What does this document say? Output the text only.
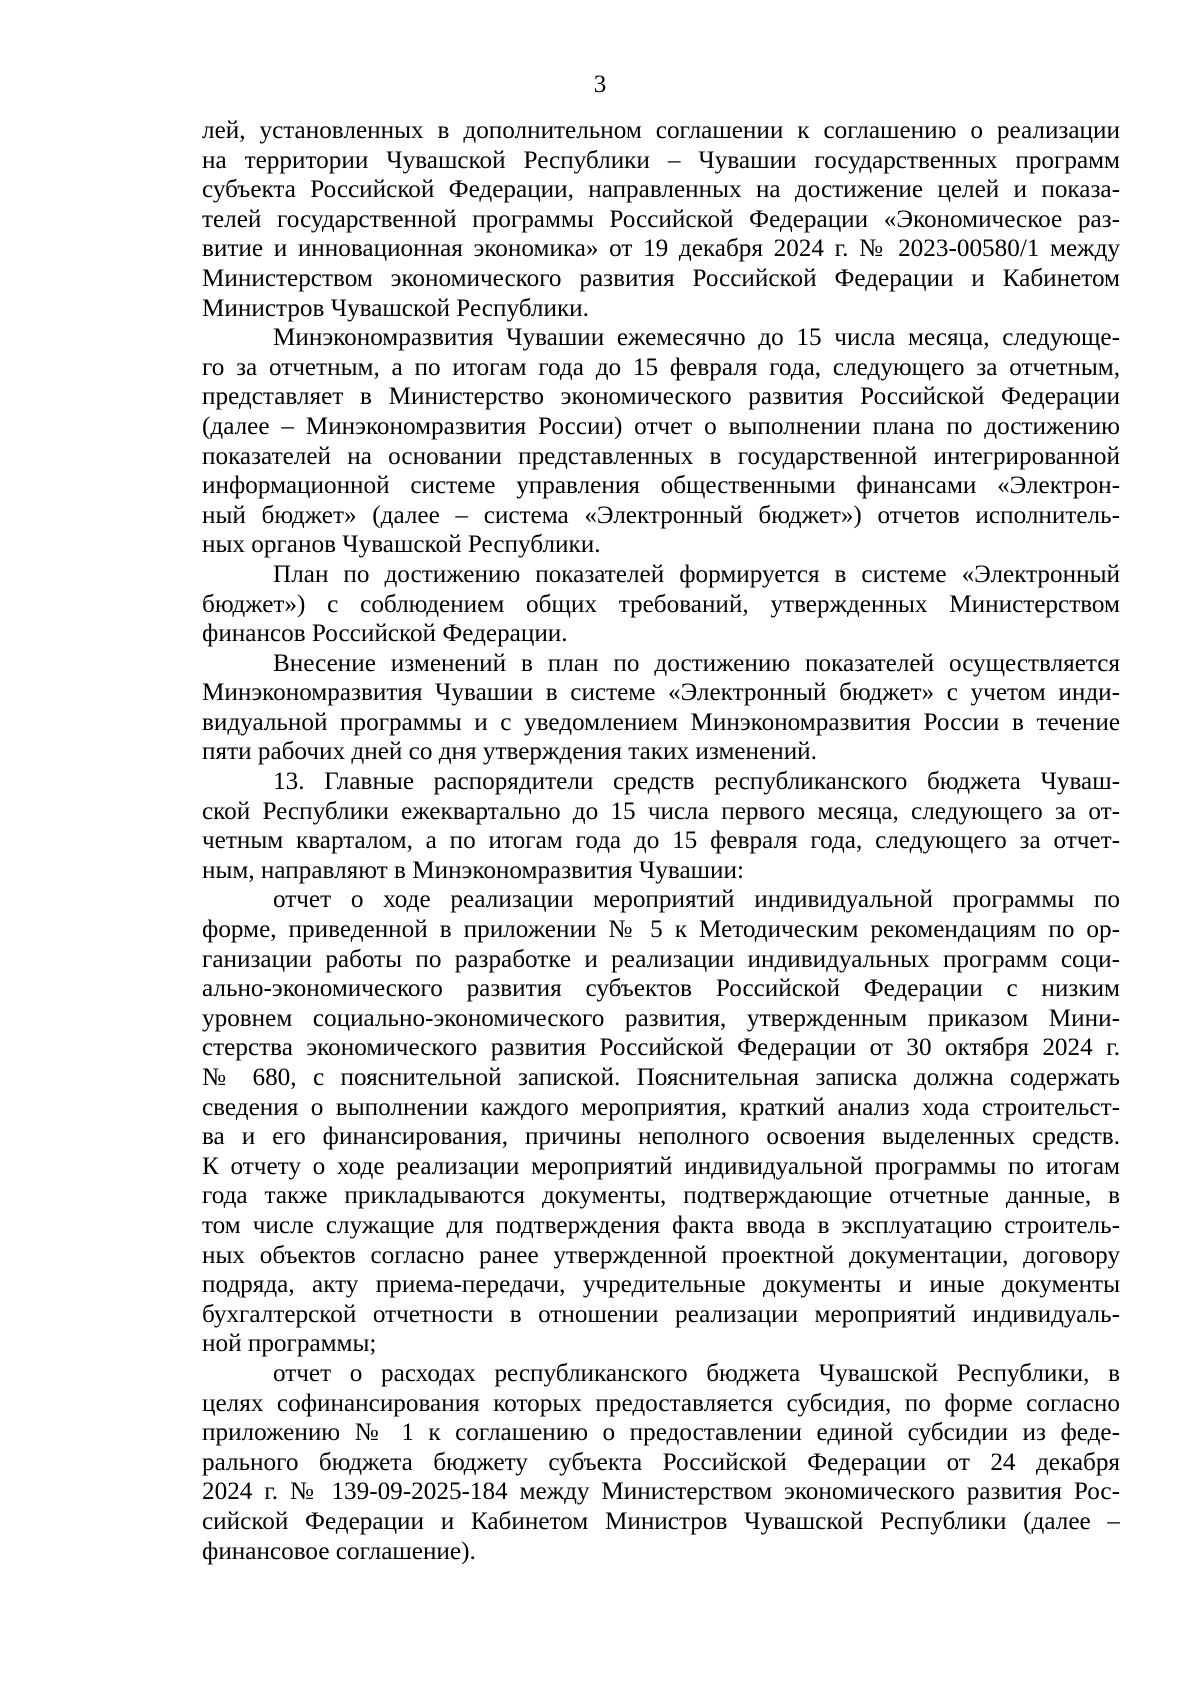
3
лей, установленных в дополнительном соглашении к соглашению о реализации
на территории Чувашской Республики – Чувашии государственных программ
субъекта Российской Федерации, направленных на достижение целей и показа-
телей государственной программы Российской Федерации «Экономическое раз-
витие и инновационная экономика» от 19 декабря 2024 г. № 2023-00580/1 между
Министерством экономического развития Российской Федерации и Кабинетом
Министров Чувашской Республики.
Минэкономразвития Чувашии ежемесячно до 15 числа месяца, следующе-
го за отчетным, а по итогам года до 15 февраля года, следующего за отчетным,
представляет в Министерство экономического развития Российской Федерации
(далее – Минэкономразвития России) отчет о выполнении плана по достижению
показателей на основании представленных в государственной интегрированной
информационной системе управления общественными финансами «Электрон-
ный бюджет» (далее – система «Электронный бюджет») отчетов исполнитель-
ных органов Чувашской Республики.
План по достижению показателей формируется в системе «Электронный
бюджет») с соблюдением общих требований, утвержденных Министерством
финансов Российской Федерации.
Внесение изменений в план по достижению показателей осуществляется
Минэкономразвития Чувашии в системе «Электронный бюджет» с учетом инди-
видуальной программы и с уведомлением Минэкономразвития России в течение
пяти рабочих дней со дня утверждения таких изменений.
13. Главные распорядители средств республиканского бюджета Чуваш-
ской Республики ежеквартально до 15 числа первого месяца, следующего за от-
четным кварталом, а по итогам года до 15 февраля года, следующего за отчет-
ным, направляют в Минэкономразвития Чувашии:
отчет о ходе реализации мероприятий индивидуальной программы по
форме, приведенной в приложении № 5 к Методическим рекомендациям по ор-
ганизации работы по разработке и реализации индивидуальных программ соци-
ально-экономического развития субъектов Российской Федерации с низким
уровнем социально-экономического развития, утвержденным приказом Мини-
стерства экономического развития Российской Федерации от 30 октября 2024 г.
№ 680, с пояснительной запиской. Пояснительная записка должна содержать
сведения о выполнении каждого мероприятия, краткий анализ хода строительст-
ва и его финансирования, причины неполного освоения выделенных средств.
К отчету о ходе реализации мероприятий индивидуальной программы по итогам
года также прикладываются документы, подтверждающие отчетные данные, в
том числе служащие для подтверждения факта ввода в эксплуатацию строитель-
ных объектов согласно ранее утвержденной проектной документации, договору
подряда, акту приема-передачи, учредительные документы и иные документы
бухгалтерской отчетности в отношении реализации мероприятий индивидуаль-
ной программы;
отчет о расходах республиканского бюджета Чувашской Республики, в
целях софинансирования которых предоставляется субсидия, по форме согласно
приложению № 1 к соглашению о предоставлении единой субсидии из феде-
рального бюджета бюджету субъекта Российской Федерации от 24 декабря
2024 г. № 139-09-2025-184 между Министерством экономического развития Рос-
сийской Федерации и Кабинетом Министров Чувашской Республики (далее –
финансовое соглашение).
